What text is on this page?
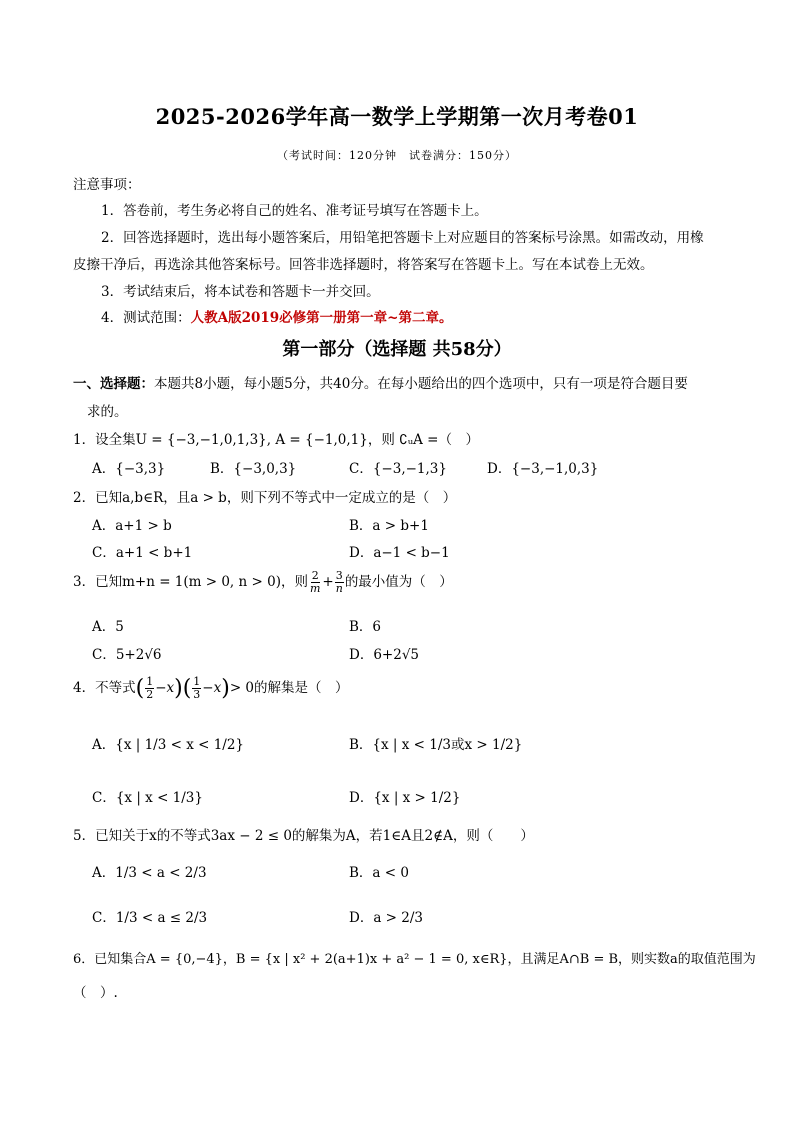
2025-2026学年高一数学上学期第一次月考卷01
（考试时间：120分钟　试卷满分：150分）
注意事项：
1．答卷前，考生务必将自己的姓名、准考证号填写在答题卡上。
2．回答选择题时，选出每小题答案后，用铅笔把答题卡上对应题目的答案标号涂黑。如需改动，用橡
皮擦干净后，再选涂其他答案标号。回答非选择题时，将答案写在答题卡上。写在本试卷上无效。
3．考试结束后，将本试卷和答题卡一并交回。
4．测试范围：人教A版2019必修第一册第一章~第二章。
第一部分（选择题 共58分）
一、选择题：本题共8小题，每小题5分，共40分。在每小题给出的四个选项中，只有一项是符合题目要
求的。
1．设全集U = {−3,−1,0,1,3}, A = {−1,0,1}，则 ∁ᵤA =（　）
A．{−3,3}	B．{−3,0,3}	C．{−3,−1,3}	D．{−3,−1,0,3}
2．已知a,b∈R，且a > b，则下列不等式中一定成立的是（　）
A．a+1 > b	B．a > b+1
C．a+1 < b+1	D．a−1 < b−1
3．已知m+n = 1(m > 0, n > 0)，则 $\frac{2}{m} + \frac{3}{n}$ 的最小值为（　）
A．5	B．6
C．5+2√6	D．6+2√5
4．不等式( $\frac{1}{2} -x)( \frac{1}{3} -x)> 0$的解集是（　）
A．{x | 1/3 < x < 1/2}	B．{x | x < 1/3或x > 1/2}
C．{x | x < 1/3}	D．{x | x > 1/2}
5．已知关于x的不等式3ax − 2 ≤ 0的解集为A，若1∈A且2∉A，则（　　）
A．1/3 < a < 2/3	B．a < 0
C．1/3 < a ≤ 2/3	D．a > 2/3
6．已知集合A = {0,−4}，B = {x | x² + 2(a+1)x + a² − 1 = 0, x∈R}，且满足A∩B = B，则实数a的取值范围为
（　）.
